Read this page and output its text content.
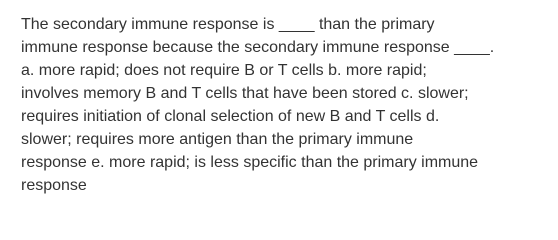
The secondary immune response is ____ than the primary
immune response because the secondary immune response ____.
a. more rapid; does not require B or T cells b. more rapid;
involves memory B and T cells that have been stored c. slower;
requires initiation of clonal selection of new B and T cells d.
slower; requires more antigen than the primary immune
response e. more rapid; is less specific than the primary immune
response
